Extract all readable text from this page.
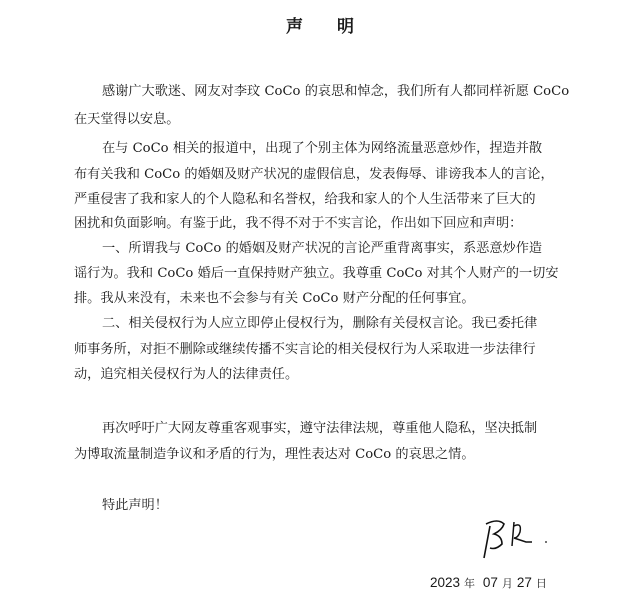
声 明
感谢广大歌迷、网友对李玟 CoCo 的哀思和悼念，我们所有人都同样祈愿 CoCo
在天堂得以安息。
在与 CoCo 相关的报道中，出现了个别主体为网络流量恶意炒作，捏造并散
布有关我和 CoCo 的婚姻及财产状况的虚假信息，发表侮辱、诽谤我本人的言论，
严重侵害了我和家人的个人隐私和名誉权，给我和家人的个人生活带来了巨大的
困扰和负面影响。有鉴于此，我不得不对于不实言论，作出如下回应和声明：
一、所谓我与 CoCo 的婚姻及财产状况的言论严重背离事实，系恶意炒作造
谣行为。我和 CoCo 婚后一直保持财产独立。我尊重 CoCo 对其个人财产的一切安
排。我从来没有，未来也不会参与有关 CoCo 财产分配的任何事宜。
二、相关侵权行为人应立即停止侵权行为，删除有关侵权言论。我已委托律
师事务所，对拒不删除或继续传播不实言论的相关侵权行为人采取进一步法律行
动，追究相关侵权行为人的法律责任。
再次呼吁广大网友尊重客观事实，遵守法律法规，尊重他人隐私，坚决抵制
为博取流量制造争议和矛盾的行为，理性表达对 CoCo 的哀思之情。
特此声明！
2023 年 07 月 27 日
